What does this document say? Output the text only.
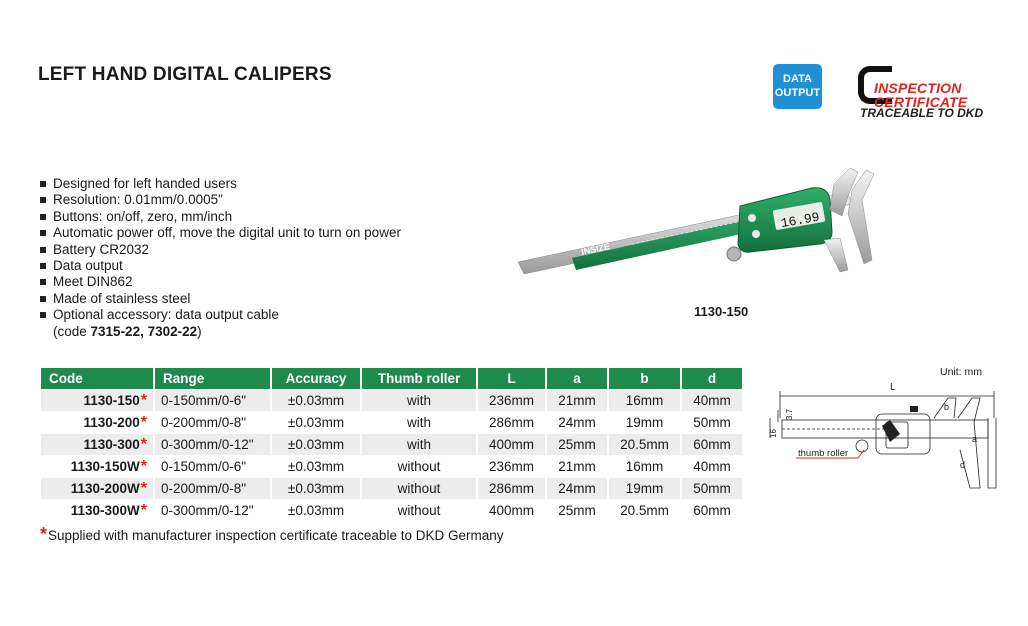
LEFT HAND DIGITAL CALIPERS	DATA
OUTPUT	INSPECTION
CERTIFICATE
TRACEABLE TO DKD
Designed for left handed users
Resolution: 0.01mm/0.0005"
Buttons: on/off, zero, mm/inch
Automatic power off, move the digital unit to turn on power
Battery CR2032
Data output
Meet DIN862
Made of stainless steel
Optional accessory: data output cable
(code 7315-22, 7302-22)
INSIZE
16.99
1130-150
Code	Range	Accuracy	Thumb roller	L	a	b	d
1130-150*	0-150mm/0-6"	±0.03mm	with	236mm	21mm	16mm	40mm
1130-200*	0-200mm/0-8"	±0.03mm	with	286mm	24mm	19mm	50mm
1130-300*	0-300mm/0-12"	±0.03mm	with	400mm	25mm	20.5mm	60mm
1130-150W*	0-150mm/0-6"	±0.03mm	without	236mm	21mm	16mm	40mm
1130-200W*	0-200mm/0-8"	±0.03mm	without	286mm	24mm	19mm	50mm
1130-300W*	0-300mm/0-12"	±0.03mm	without	400mm	25mm	20.5mm	60mm
*Supplied with manufacturer inspection certificate traceable to DKD Germany
Unit: mm
L
b
a
d
3.7
16
thumb roller
